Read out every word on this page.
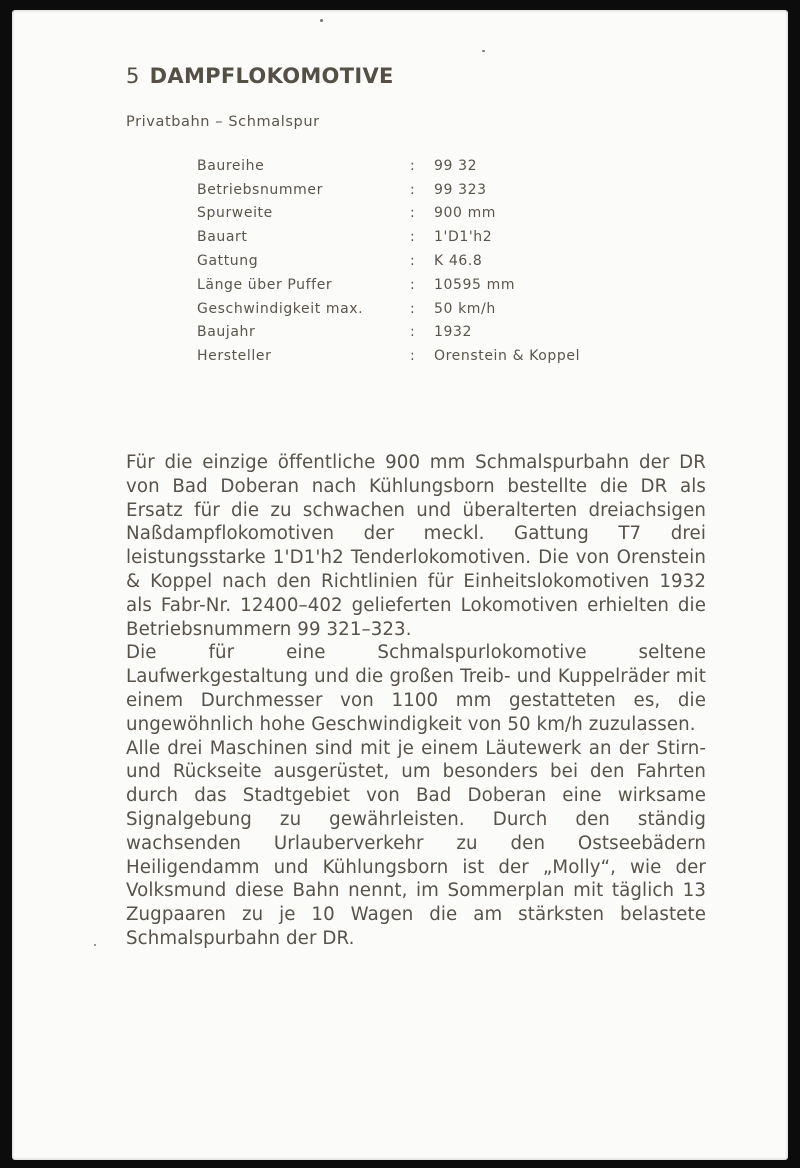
5 DAMPFLOKOMOTIVE
Privatbahn – Schmalspur
Baureihe	:	99 32
Betriebsnummer	:	99 323
Spurweite	:	900 mm
Bauart	:	1'D1'h2
Gattung	:	K 46.8
Länge über Puffer	:	10595 mm
Geschwindigkeit max.	:	50 km/h
Baujahr	:	1932
Hersteller	:	Orenstein & Koppel

Für die einzige öffentliche 900 mm Schmalspurbahn der DR von Bad Doberan nach Kühlungsborn bestellte die DR als Ersatz für die zu schwachen und überalterten dreiachsigen Naßdampflokomotiven der meckl. Gattung T7 drei leistungsstarke 1'D1'h2 Tenderlokomotiven. Die von Orenstein & Koppel nach den Richtlinien für Einheitslokomotiven 1932 als Fabr-Nr. 12400–402 gelieferten Lokomotiven erhielten die Betriebsnummern 99 321–323.

Die für eine Schmalspurlokomotive seltene Laufwerkgestaltung und die großen Treib- und Kuppelräder mit einem Durchmesser von 1100 mm gestatteten es, die ungewöhnlich hohe Geschwindigkeit von 50 km/h zuzulassen.

Alle drei Maschinen sind mit je einem Läutewerk an der Stirn- und Rückseite ausgerüstet, um besonders bei den Fahrten durch das Stadtgebiet von Bad Doberan eine wirksame Signalgebung zu gewährleisten. Durch den ständig wachsenden Urlauberverkehr zu den Ostseebädern Heiligendamm und Kühlungsborn ist der „Molly“, wie der Volksmund diese Bahn nennt, im Sommerplan mit täglich 13 Zugpaaren zu je 10 Wagen die am stärksten belastete Schmalspurbahn der DR.
